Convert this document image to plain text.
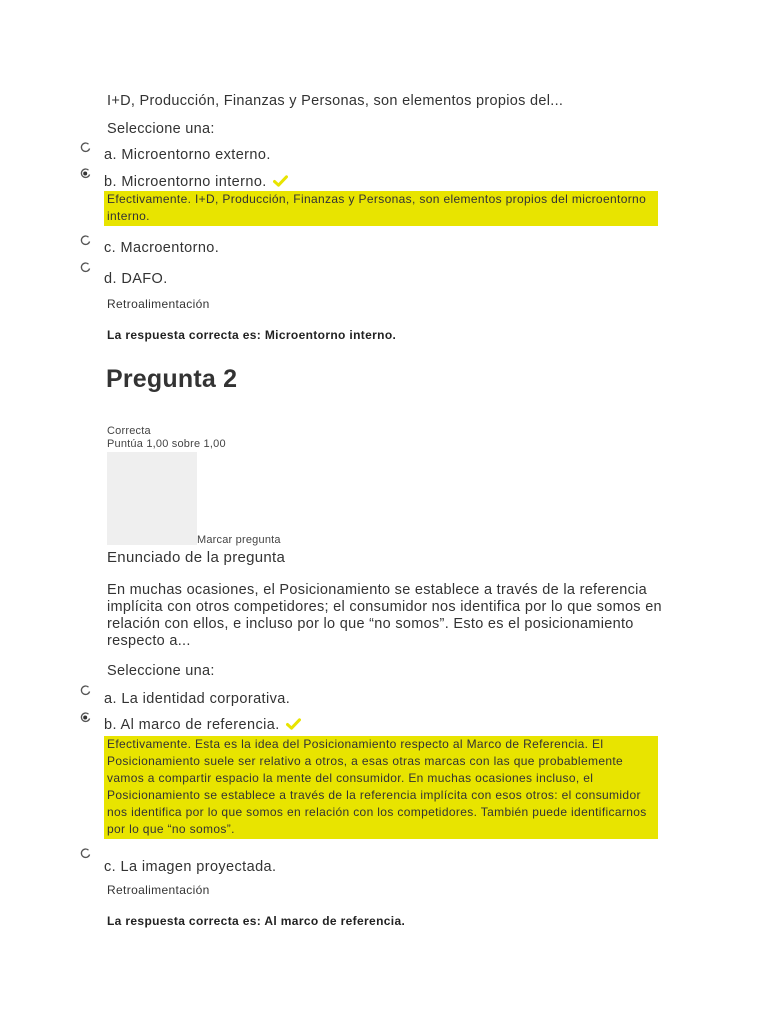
I+D, Producción, Finanzas y Personas, son elementos propios del...
Seleccione una:
a. Microentorno externo.
b. Microentorno interno.
Efectivamente. I+D, Producción, Finanzas y Personas, son elementos propios del microentorno interno.
c. Macroentorno.
d. DAFO.
Retroalimentación
La respuesta correcta es: Microentorno interno.
Pregunta 2
Correcta
Puntúa 1,00 sobre 1,00
Marcar pregunta
Enunciado de la pregunta
En muchas ocasiones, el Posicionamiento se establece a través de la referencia implícita con otros competidores; el consumidor nos identifica por lo que somos en relación con ellos, e incluso por lo que “no somos”. Esto es el posicionamiento respecto a...
Seleccione una:
a. La identidad corporativa.
b. Al marco de referencia.
Efectivamente. Esta es la idea del Posicionamiento respecto al Marco de Referencia. El Posicionamiento suele ser relativo a otros, a esas otras marcas con las que probablemente vamos a compartir espacio la mente del consumidor. En muchas ocasiones incluso, el Posicionamiento se establece a través de la referencia implícita con esos otros: el consumidor nos identifica por lo que somos en relación con los competidores. También puede identificarnos por lo que “no somos”.
c. La imagen proyectada.
Retroalimentación
La respuesta correcta es: Al marco de referencia.
